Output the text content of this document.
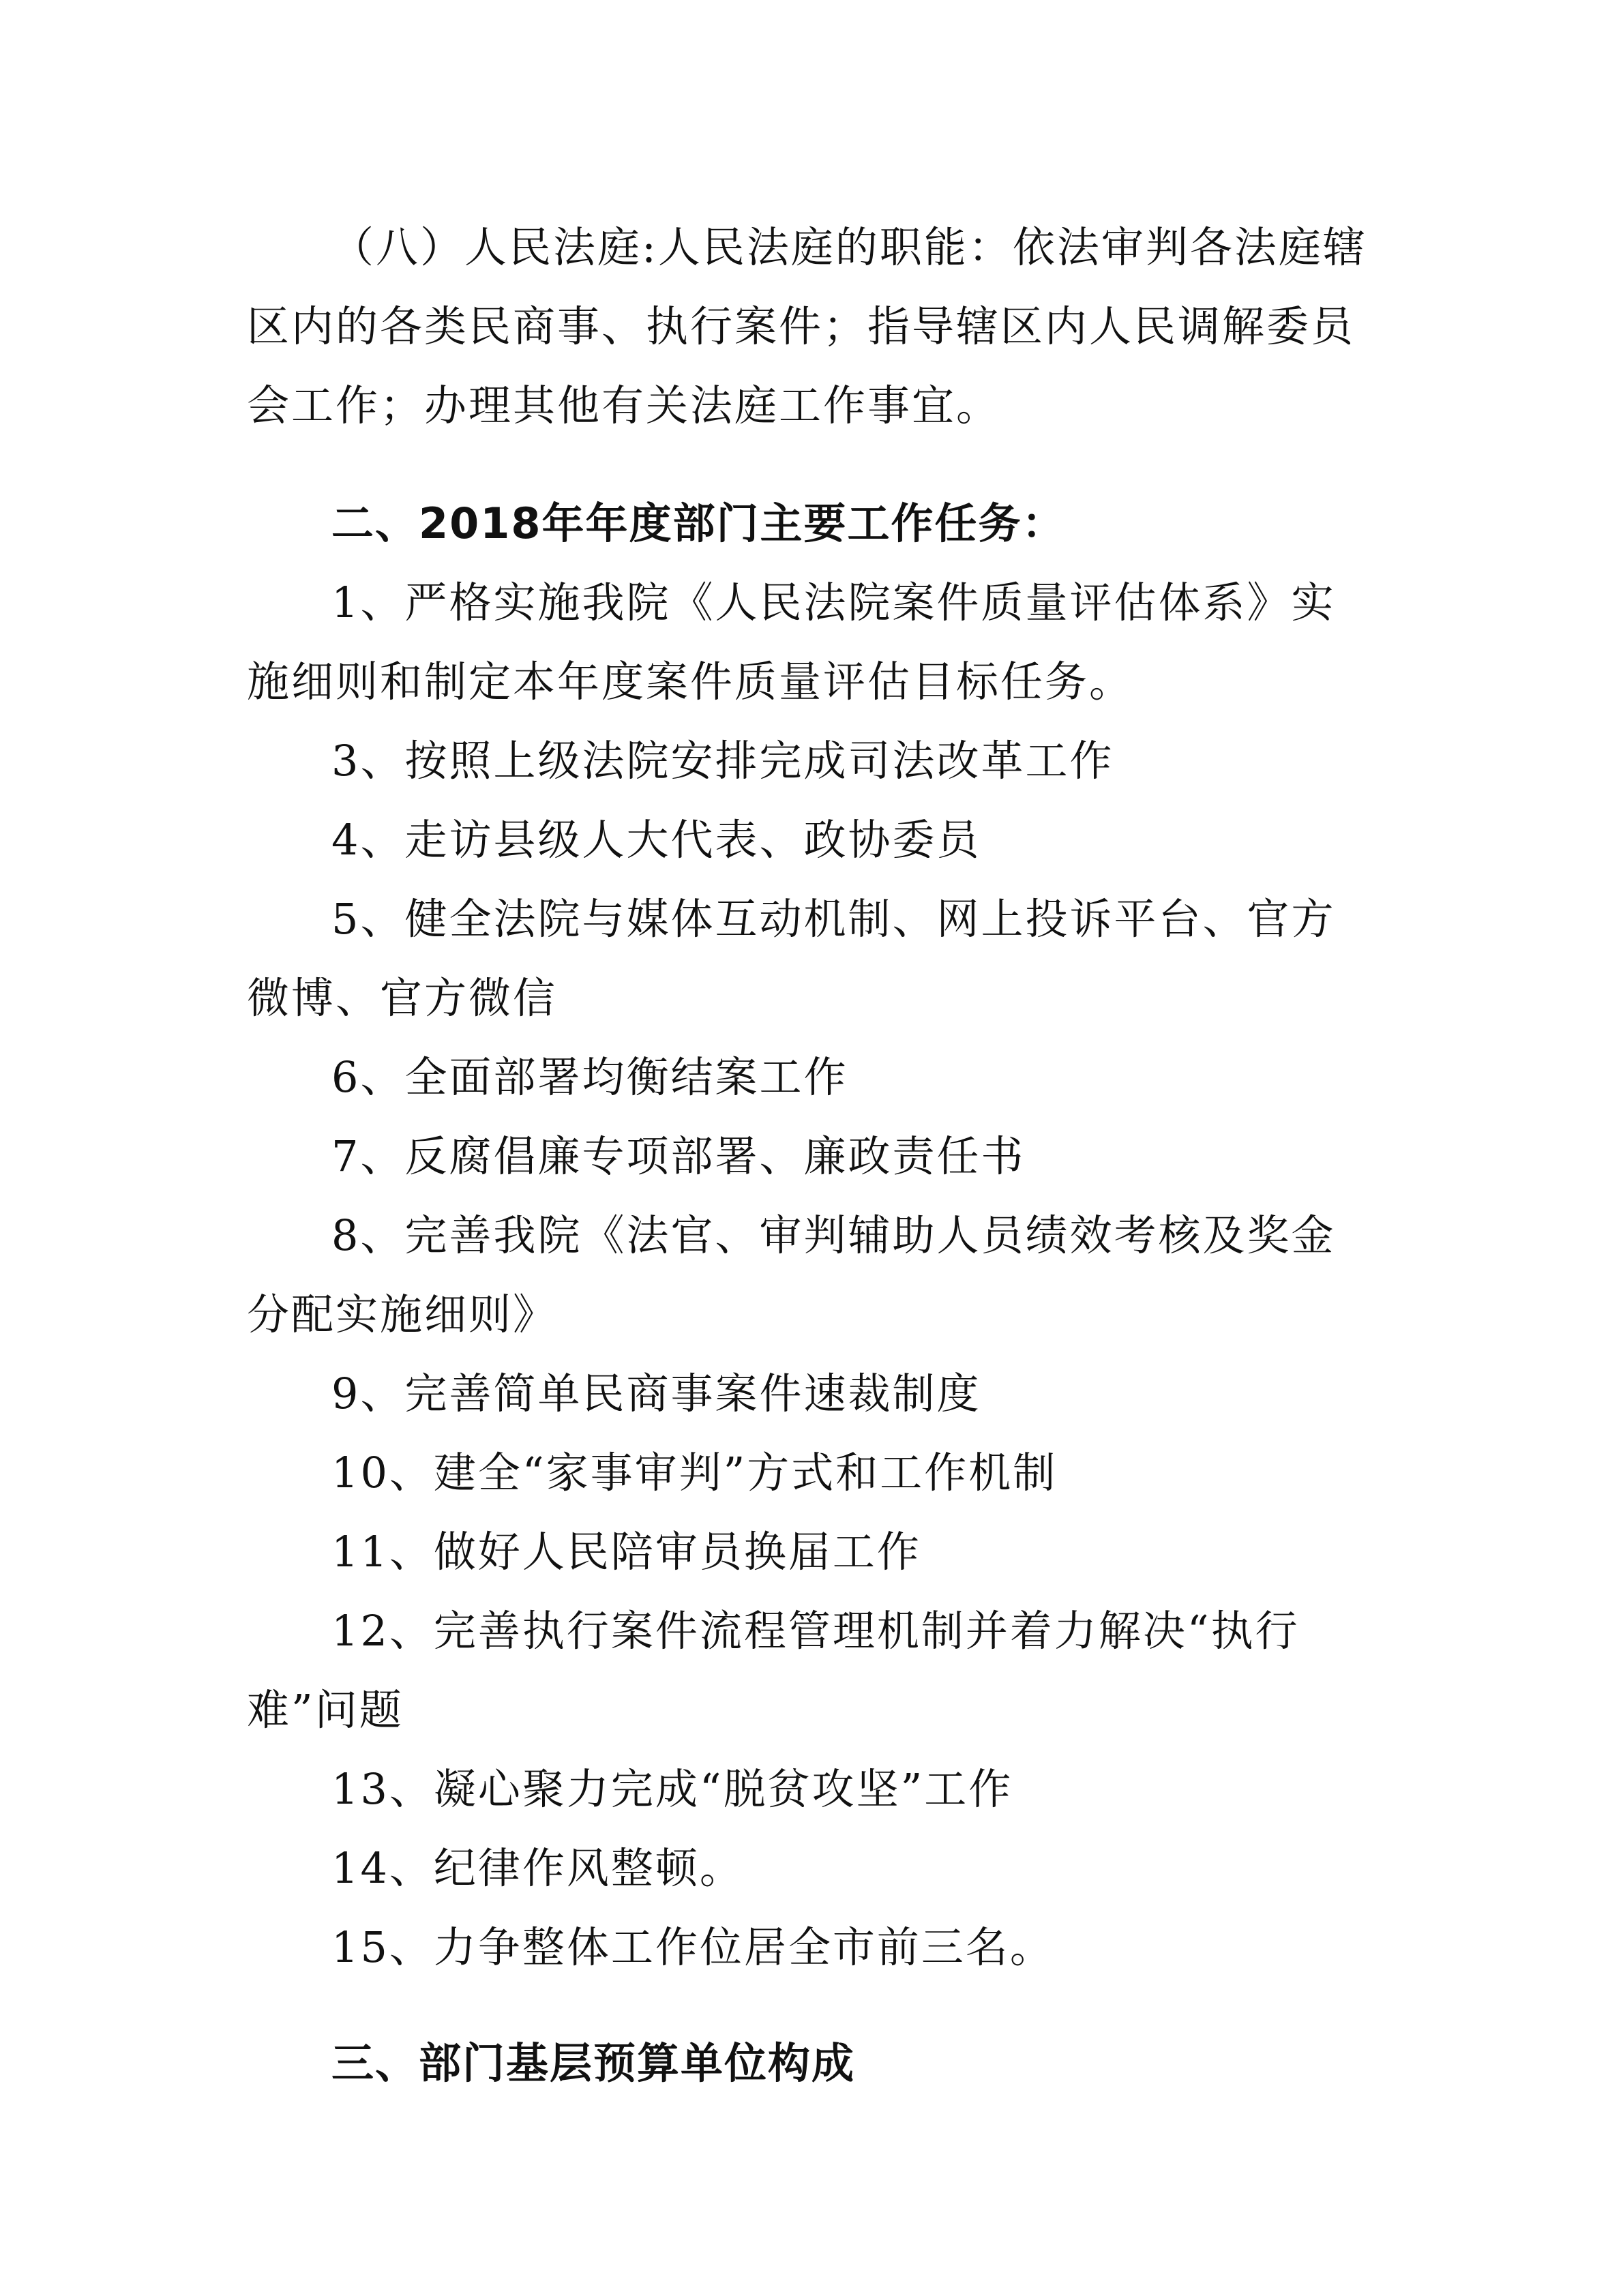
（八）人民法庭:人民法庭的职能：依法审判各法庭辖区内的各类民商事、执行案件；指导辖区内人民调解委员会工作；办理其他有关法庭工作事宜。

二、2018年年度部门主要工作任务：

1、严格实施我院《人民法院案件质量评估体系》实施细则和制定本年度案件质量评估目标任务。

3、按照上级法院安排完成司法改革工作

4、走访县级人大代表、政协委员

5、健全法院与媒体互动机制、网上投诉平台、官方微博、官方微信

6、全面部署均衡结案工作

7、反腐倡廉专项部署、廉政责任书

8、完善我院《法官、审判辅助人员绩效考核及奖金分配实施细则》

9、完善简单民商事案件速裁制度

10、建全“家事审判”方式和工作机制

11、做好人民陪审员换届工作

12、完善执行案件流程管理机制并着力解决“执行难”问题

13、凝心聚力完成“脱贫攻坚”工作

14、纪律作风整顿。

15、力争整体工作位居全市前三名。

三、部门基层预算单位构成
